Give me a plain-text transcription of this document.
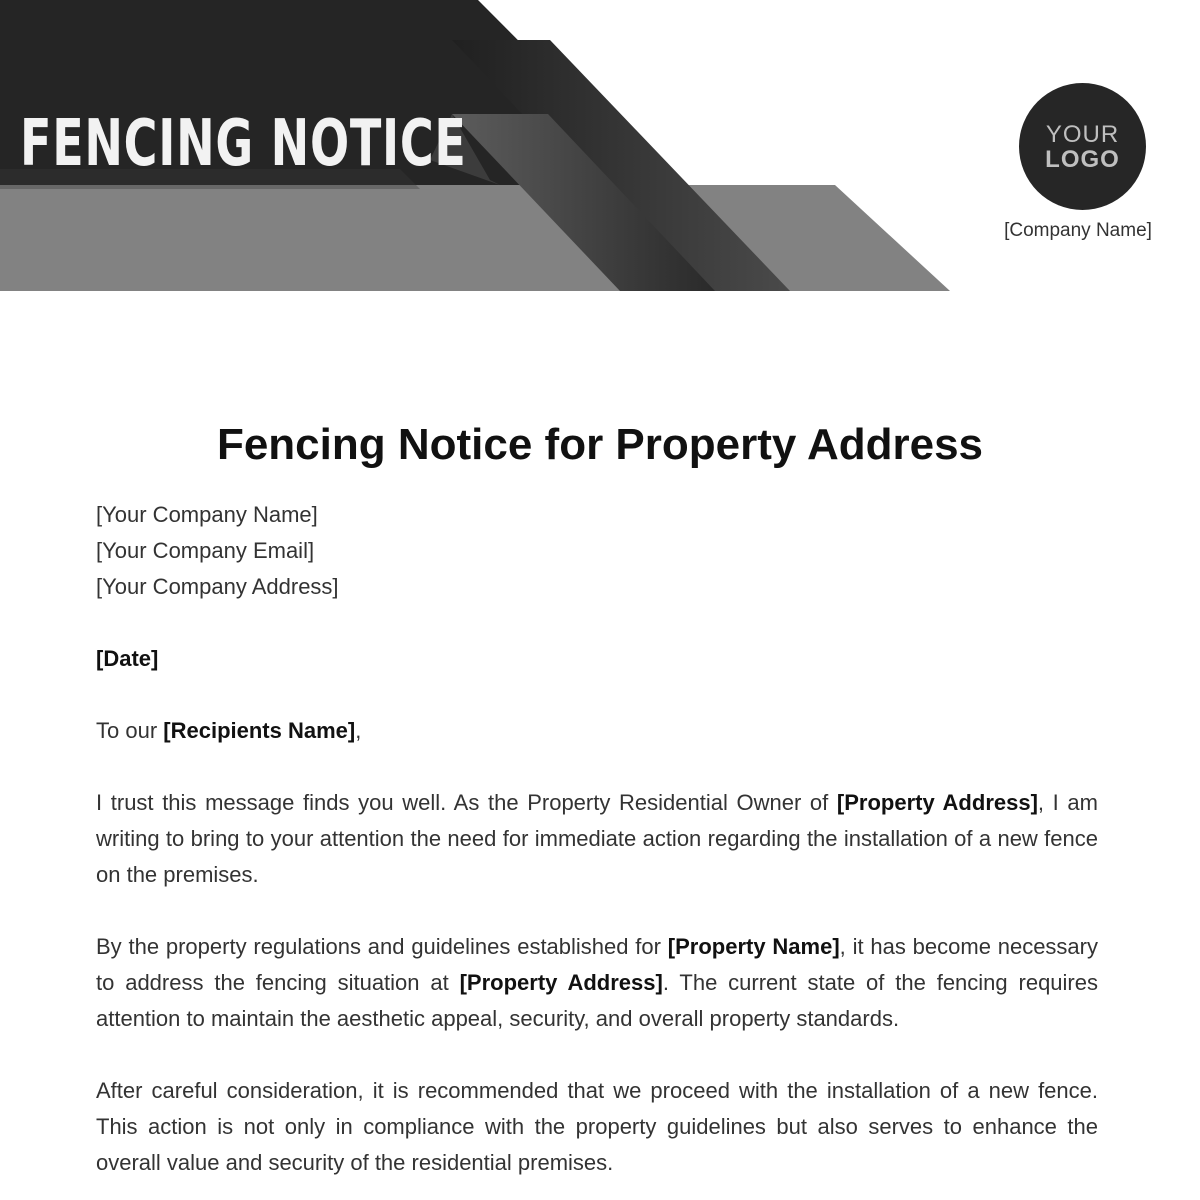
FENCING NOTICE	YOUR
LOGO
[Company Name]
Fencing Notice for Property Address

[Your Company Name]

[Your Company Email]

[Your Company Address]

[Date]

To our [Recipients Name],

I trust this message finds you well. As the Property Residential Owner of [Property Address], I am writing to bring to your attention the need for immediate action regarding the installation of a new fence on the premises.

By the property regulations and guidelines established for [Property Name], it has become necessary to address the fencing situation at [Property Address]. The current state of the fencing requires attention to maintain the aesthetic appeal, security, and overall property standards.

After careful consideration, it is recommended that we proceed with the installation of a new fence. This action is not only in compliance with the property guidelines but also serves to enhance the overall value and security of the residential premises.
